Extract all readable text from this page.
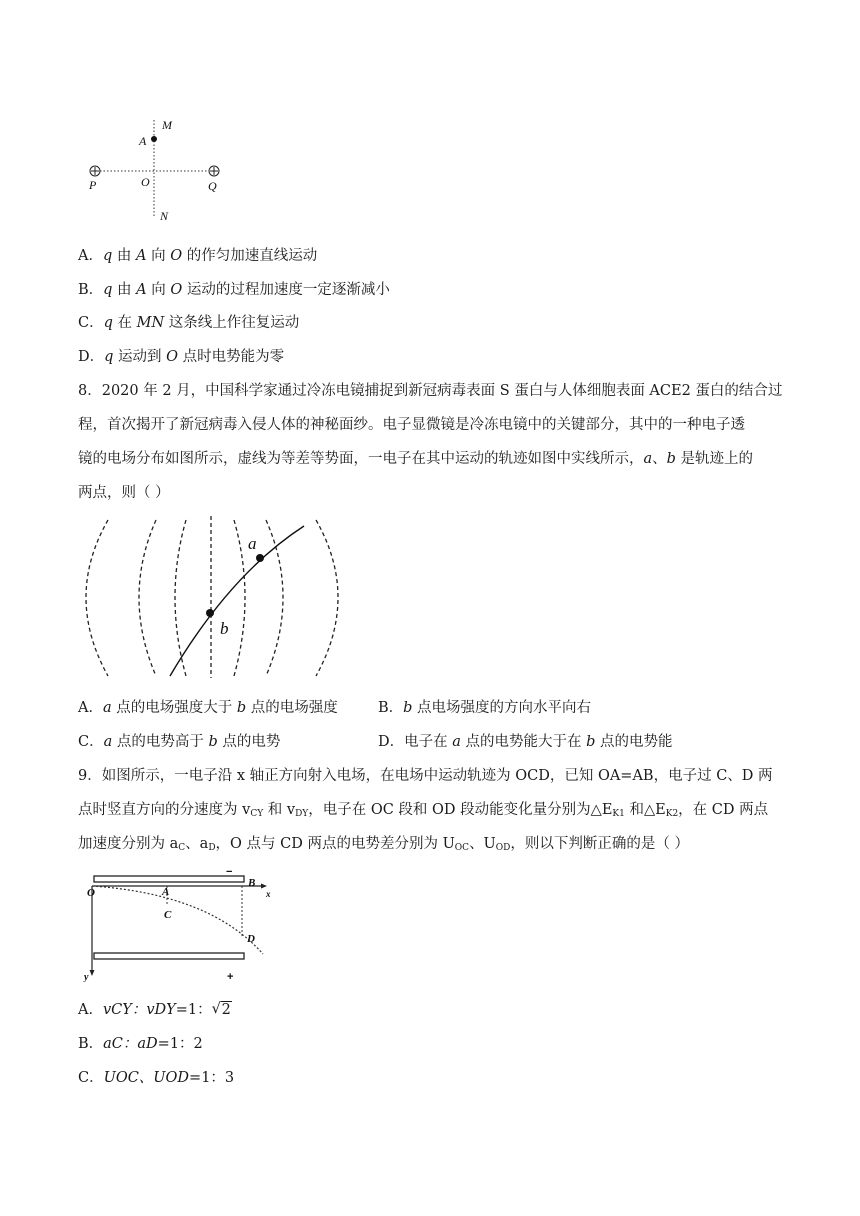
M
A
P	O	Q
N
A．q 由 A 向 O 的作匀加速直线运动
B．q 由 A 向 O 运动的过程加速度一定逐渐减小
C．q 在 MN 这条线上作往复运动
D．q 运动到 O 点时电势能为零
8．2020 年 2 月，中国科学家通过冷冻电镜捕捉到新冠病毒表面 S 蛋白与人体细胞表面 ACE2 蛋白的结合过
程，首次揭开了新冠病毒入侵人体的神秘面纱。电子显微镜是冷冻电镜中的关键部分，其中的一种电子透
镜的电场分布如图所示，虚线为等差等势面，一电子在其中运动的轨迹如图中实线所示，a、b 是轨迹上的
两点，则（ ）
a
b
A．a 点的电场强度大于 b 点的电场强度	B．b 点电场强度的方向水平向右
C．a 点的电势高于 b 点的电势	D．电子在 a 点的电势能大于在 b 点的电势能
9．如图所示，一电子沿 x 轴正方向射入电场，在电场中运动轨迹为 OCD，已知 OA=AB，电子过 C、D 两
点时竖直方向的分速度为 $v_{CY}$ 和 $v_{DY}$，电子在 OC 段和 OD 段动能变化量分别为$\triangle E_{K1}$ 和$\triangle E_{K2}$，在 CD 两点
加速度分别为 $a_C$、$a_D$，O 点与 CD 两点的电势差分别为 $U_{OC}$、$U_{OD}$，则以下判断正确的是（ ）
−
O	A
B
x
C
D
y	+
A．vCY：vDY=1： √ 2
B．aC：aD=1：2
C．UOC、UOD=1：3
